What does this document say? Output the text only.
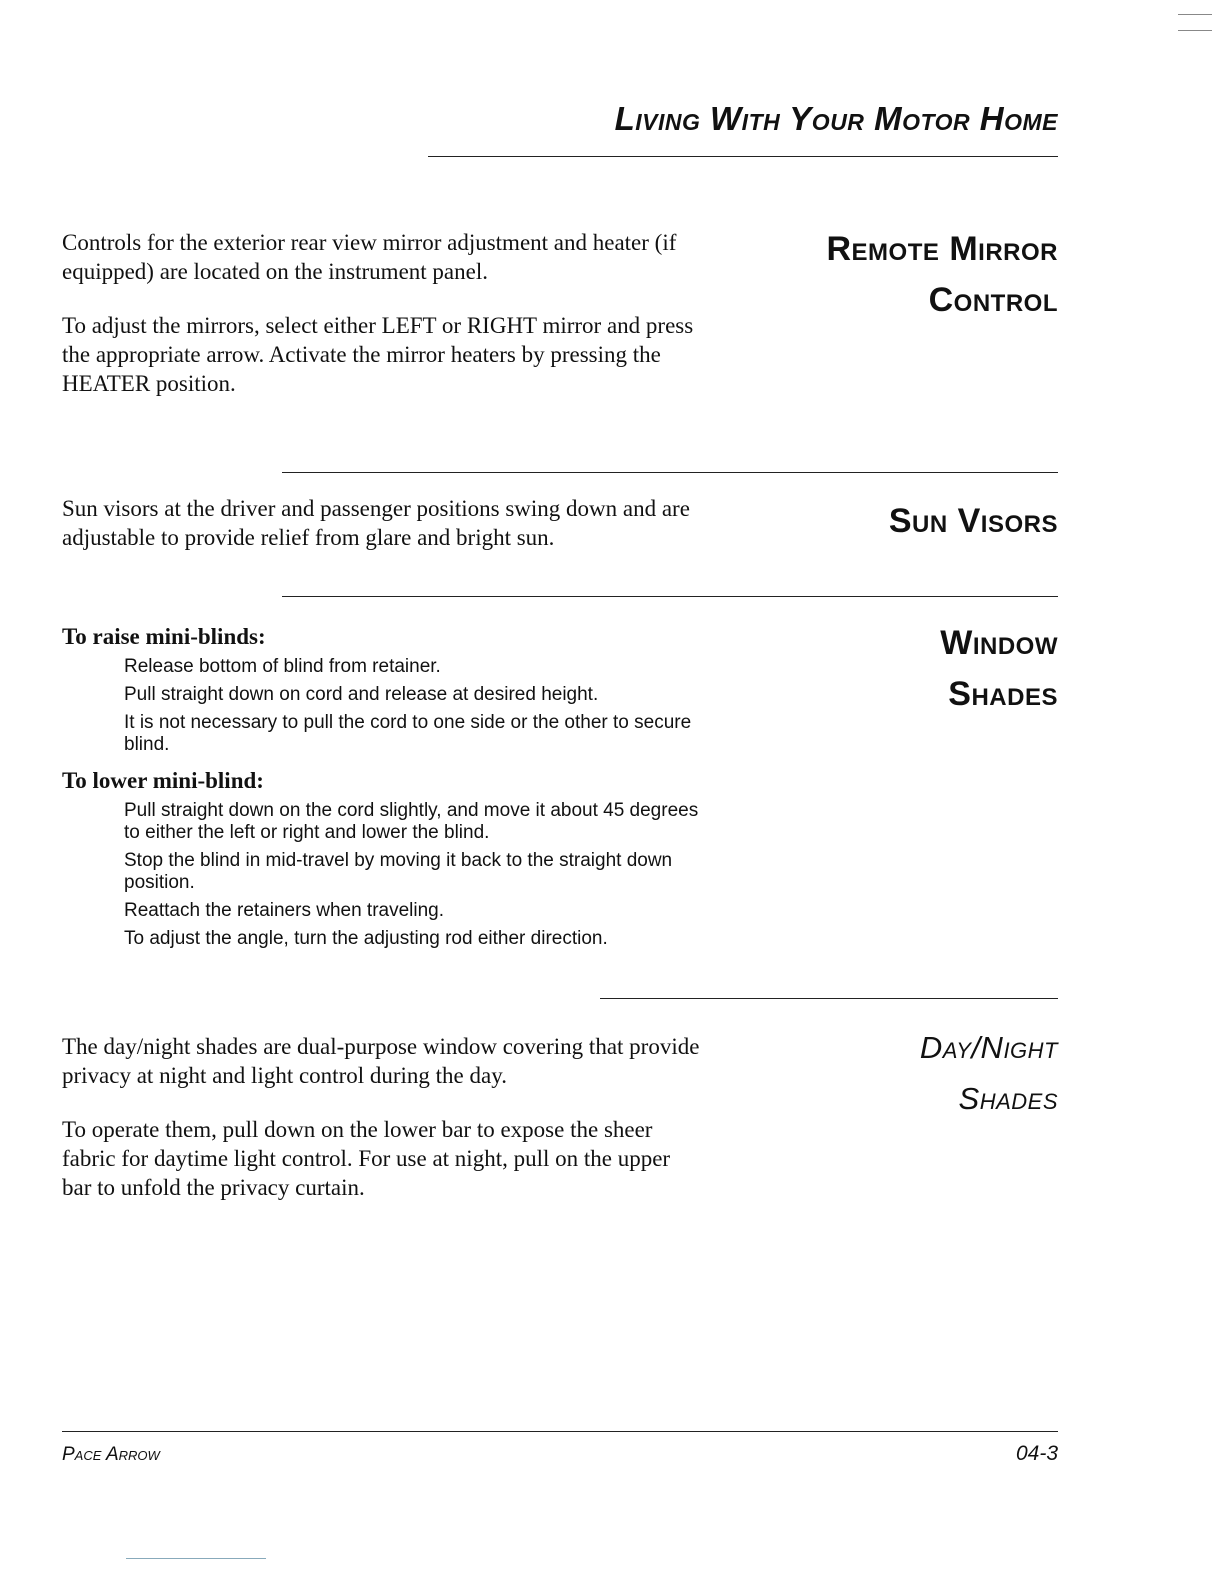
Living With Your Motor Home

Controls for the exterior rear view mirror adjustment and heater (if equipped) are located on the instrument panel.

To adjust the mirrors, select either LEFT or RIGHT mirror and press the appropriate arrow. Activate the mirror heaters by pressing the HEATER position.

Remote Mirror
Control

Sun visors at the driver and passenger positions swing down and are adjustable to provide relief from glare and bright sun.	Sun Visors
To raise mini-blinds:
Release bottom of blind from retainer.
Pull straight down on cord and release at desired height.
It is not necessary to pull the cord to one side or the other to secure blind.
To lower mini-blind:
Pull straight down on the cord slightly, and move it about 45 degrees to either the left or right and lower the blind.
Stop the blind in mid-travel by moving it back to the straight down position.
Reattach the retainers when traveling.
To adjust the angle, turn the adjusting rod either direction.
Window
Shades

The day/night shades are dual-purpose window covering that provide privacy at night and light control during the day.

To operate them, pull down on the lower bar to expose the sheer fabric for daytime light control. For use at night, pull on the upper bar to unfold the privacy curtain.

Day/Night
Shades
Pace Arrow	04-3
